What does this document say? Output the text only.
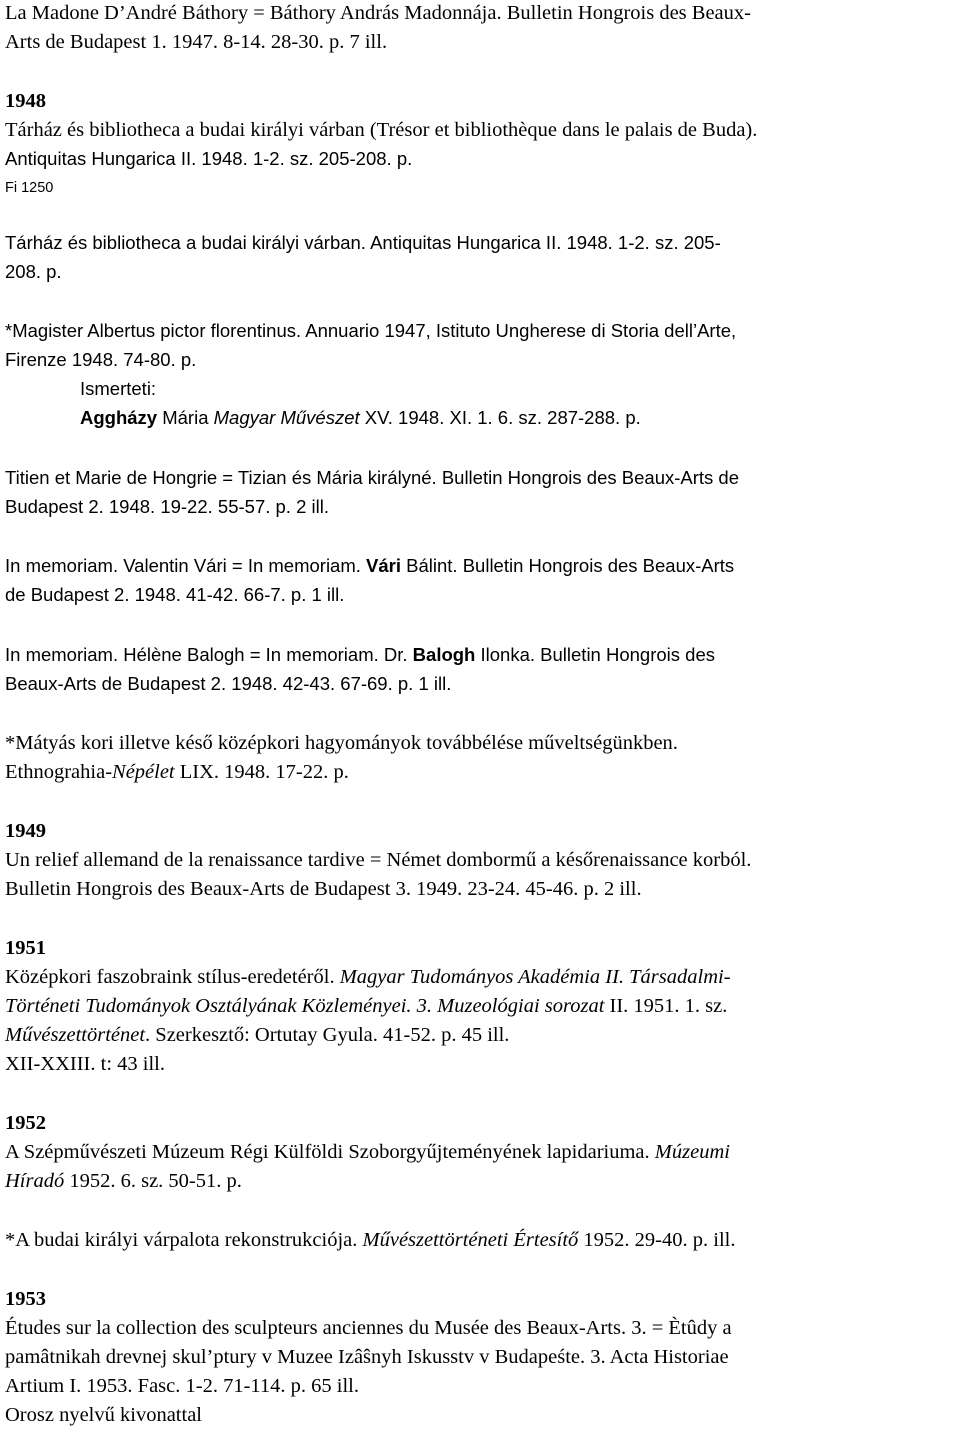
La Madone D’André Báthory = Báthory András Madonnája. Bulletin Hongrois des Beaux-
Arts de Budapest 1. 1947. 8-14. 28-30. p. 7 ill.
1948
Tárház és bibliotheca a budai királyi várban (Trésor et bibliothèque dans le palais de Buda).
Antiquitas Hungarica II. 1948. 1-2. sz. 205-208. p.
Fi 1250
Tárház és bibliotheca a budai királyi várban. Antiquitas Hungarica II. 1948. 1-2. sz. 205-
208. p.
*Magister Albertus pictor florentinus. Annuario 1947, Istituto Ungherese di Storia dell’Arte,
Firenze 1948. 74-80. p.
Ismerteti:
Aggházy Mária Magyar Művészet XV. 1948. XI. 1. 6. sz. 287-288. p.
Titien et Marie de Hongrie = Tizian és Mária királyné. Bulletin Hongrois des Beaux-Arts de
Budapest 2. 1948. 19-22. 55-57. p. 2 ill.
In memoriam. Valentin Vári = In memoriam. Vári Bálint. Bulletin Hongrois des Beaux-Arts
de Budapest 2. 1948. 41-42. 66-7. p. 1 ill.
In memoriam. Hélène Balogh = In memoriam. Dr. Balogh Ilonka. Bulletin Hongrois des
Beaux-Arts de Budapest 2. 1948. 42-43. 67-69. p. 1 ill.
*Mátyás kori illetve késő középkori hagyományok továbbélése műveltségünkben.
Ethnograhia-Népélet LIX. 1948. 17-22. p.
1949
Un relief allemand de la renaissance tardive = Német dombormű a későrenaissance korból.
Bulletin Hongrois des Beaux-Arts de Budapest 3. 1949. 23-24. 45-46. p. 2 ill.
1951
Középkori faszobraink stílus-eredetéről. Magyar Tudományos Akadémia II. Társadalmi-
Történeti Tudományok Osztályának Közleményei. 3. Muzeológiai sorozat II. 1951. 1. sz.
Művészettörténet. Szerkesztő: Ortutay Gyula. 41-52. p. 45 ill.
XII-XXIII. t: 43 ill.
1952
A Szépművészeti Múzeum Régi Külföldi Szoborgyűjteményének lapidariuma. Múzeumi
Híradó 1952. 6. sz. 50-51. p.
*A budai királyi várpalota rekonstrukciója. Művészettörténeti Értesítő 1952. 29-40. p. ill.
1953
Études sur la collection des sculpteurs anciennes du Musée des Beaux-Arts. 3. = Ѐtûdy a
pamâtnikah drevnej skul’ptury v Muzee Izâŝnyh Iskusstv v Budapeśte. 3. Acta Historiae
Artium I. 1953. Fasc. 1-2. 71-114. p. 65 ill.
Orosz nyelvű kivonattal
